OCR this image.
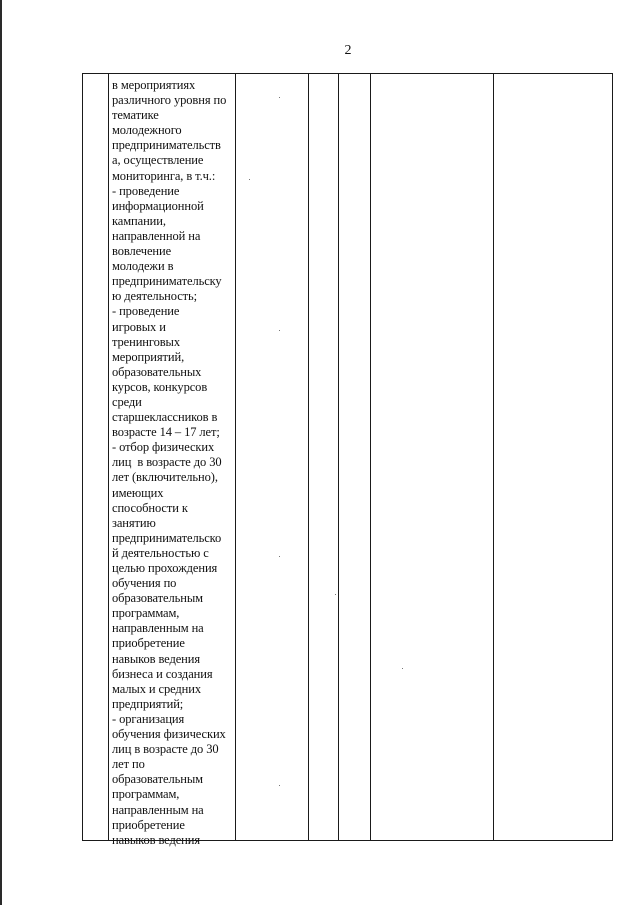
2
в мероприятиях
различного уровня по
тематике
молодежного
предпринимательств
а, осуществление
мониторинга, в т.ч.:
- проведение
информационной
кампании,
направленной на
вовлечение
молодежи в
предпринимательску
ю деятельность;
- проведение
игровых и
тренинговых
мероприятий,
образовательных
курсов, конкурсов
среди
старшеклассников в
возрасте 14 – 17 лет;
- отбор физических
лиц  в возрасте до 30
лет (включительно),
имеющих
способности к
занятию
предпринимательско
й деятельностью с
целью прохождения
обучения по
образовательным
программам,
направленным на
приобретение
навыков ведения
бизнеса и создания
малых и средних
предприятий;
- организация
обучения физических
лиц в возрасте до 30
лет по
образовательным
программам,
направленным на
приобретение
навыков ведения
